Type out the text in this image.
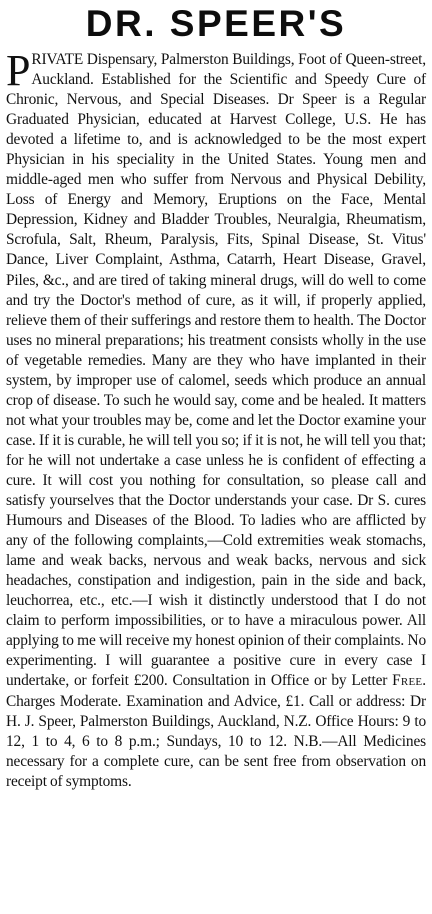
DR. SPEER'S

PRIVATE Dispensary, Palmerston Buildings, Foot of Queen-street, Auckland. Established for the Scientific and Speedy Cure of Chronic, Nervous, and Special Diseases. Dr Speer is a Regular Graduated Physician, educated at Harvest College, U.S. He has devoted a lifetime to, and is acknowledged to be the most expert Physician in his speciality in the United States. Young men and middle-aged men who suffer from Nervous and Physical Debility, Loss of Energy and Memory, Eruptions on the Face, Mental Depression, Kidney and Bladder Troubles, Neuralgia, Rheumatism, Scrofula, Salt, Rheum, Paralysis, Fits, Spinal Disease, St. Vitus' Dance, Liver Complaint, Asthma, Catarrh, Heart Disease, Gravel, Piles, &c., and are tired of taking mineral drugs, will do well to come and try the Doctor's method of cure, as it will, if properly applied, relieve them of their sufferings and restore them to health. The Doctor uses no mineral preparations; his treatment consists wholly in the use of vegetable remedies. Many are they who have implanted in their system, by improper use of calomel, seeds which produce an annual crop of disease. To such he would say, come and be healed. It matters not what your troubles may be, come and let the Doctor examine your case. If it is curable, he will tell you so; if it is not, he will tell you that; for he will not undertake a case unless he is confident of effecting a cure. It will cost you nothing for consultation, so please call and satisfy yourselves that the Doctor understands your case. Dr S. cures Humours and Diseases of the Blood. To ladies who are afflicted by any of the following complaints,—Cold extremities weak stomachs, lame and weak backs, nervous and weak backs, nervous and sick headaches, constipation and indigestion, pain in the side and back, leuchorrea, etc., etc.—I wish it distinctly understood that I do not claim to perform impossibilities, or to have a miraculous power. All applying to me will receive my honest opinion of their complaints. No experimenting. I will guarantee a positive cure in every case I undertake, or forfeit £200. Consultation in Office or by Letter Free. Charges Moderate. Examination and Advice, £1. Call or address: Dr H. J. Speer, Palmerston Buildings, Auckland, N.Z. Office Hours: 9 to 12, 1 to 4, 6 to 8 p.m.; Sundays, 10 to 12. N.B.—All Medicines necessary for a complete cure, can be sent free from observation on receipt of symptoms.
